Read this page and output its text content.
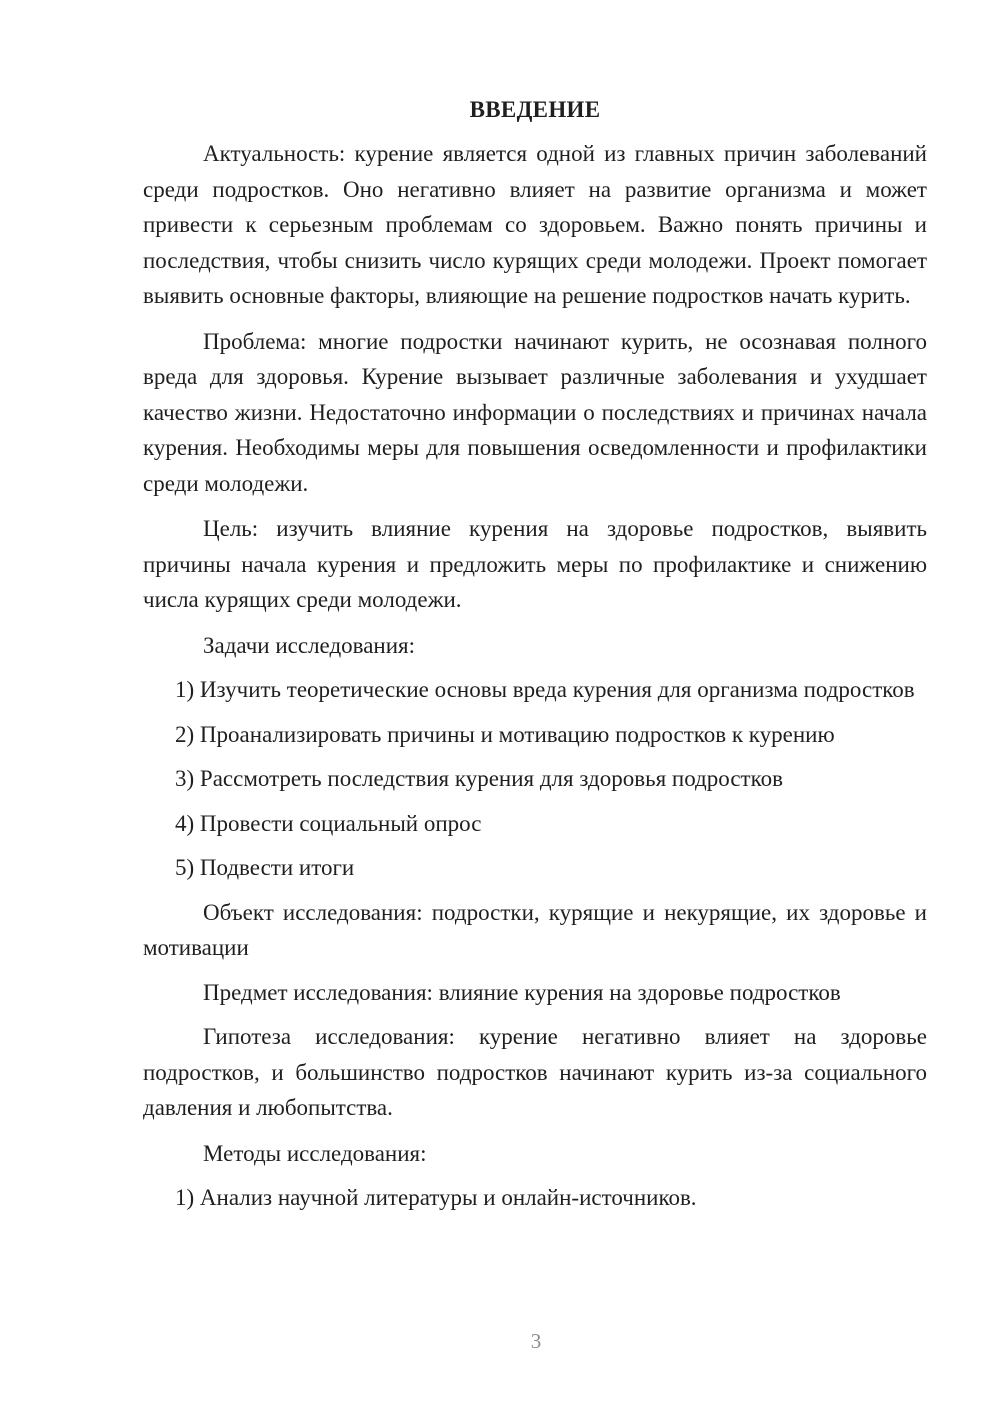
ВВЕДЕНИЕ

Актуальность: курение является одной из главных причин заболеваний среди подростков. Оно негативно влияет на развитие организма и может привести к серьезным проблемам со здоровьем. Важно понять причины и последствия, чтобы снизить число курящих среди молодежи. Проект помогает выявить основные факторы, влияющие на решение подростков начать курить.

Проблема: многие подростки начинают курить, не осознавая полного вреда для здоровья. Курение вызывает различные заболевания и ухудшает качество жизни. Недостаточно информации о последствиях и причинах начала курения. Необходимы меры для повышения осведомленности и профилактики среди молодежи.

Цель: изучить влияние курения на здоровье подростков, выявить причины начала курения и предложить меры по профилактике и снижению числа курящих среди молодежи.

Задачи исследования:

1) Изучить теоретические основы вреда курения для организма подростков

2) Проанализировать причины и мотивацию подростков к курению

3) Рассмотреть последствия курения для здоровья подростков

4) Провести социальный опрос

5) Подвести итоги

Объект исследования: подростки, курящие и некурящие, их здоровье и мотивации

Предмет исследования: влияние курения на здоровье подростков

Гипотеза исследования: курение негативно влияет на здоровье подростков, и большинство подростков начинают курить из-за социального давления и любопытства.

Методы исследования:

1) Анализ научной литературы и онлайн-источников.

3
